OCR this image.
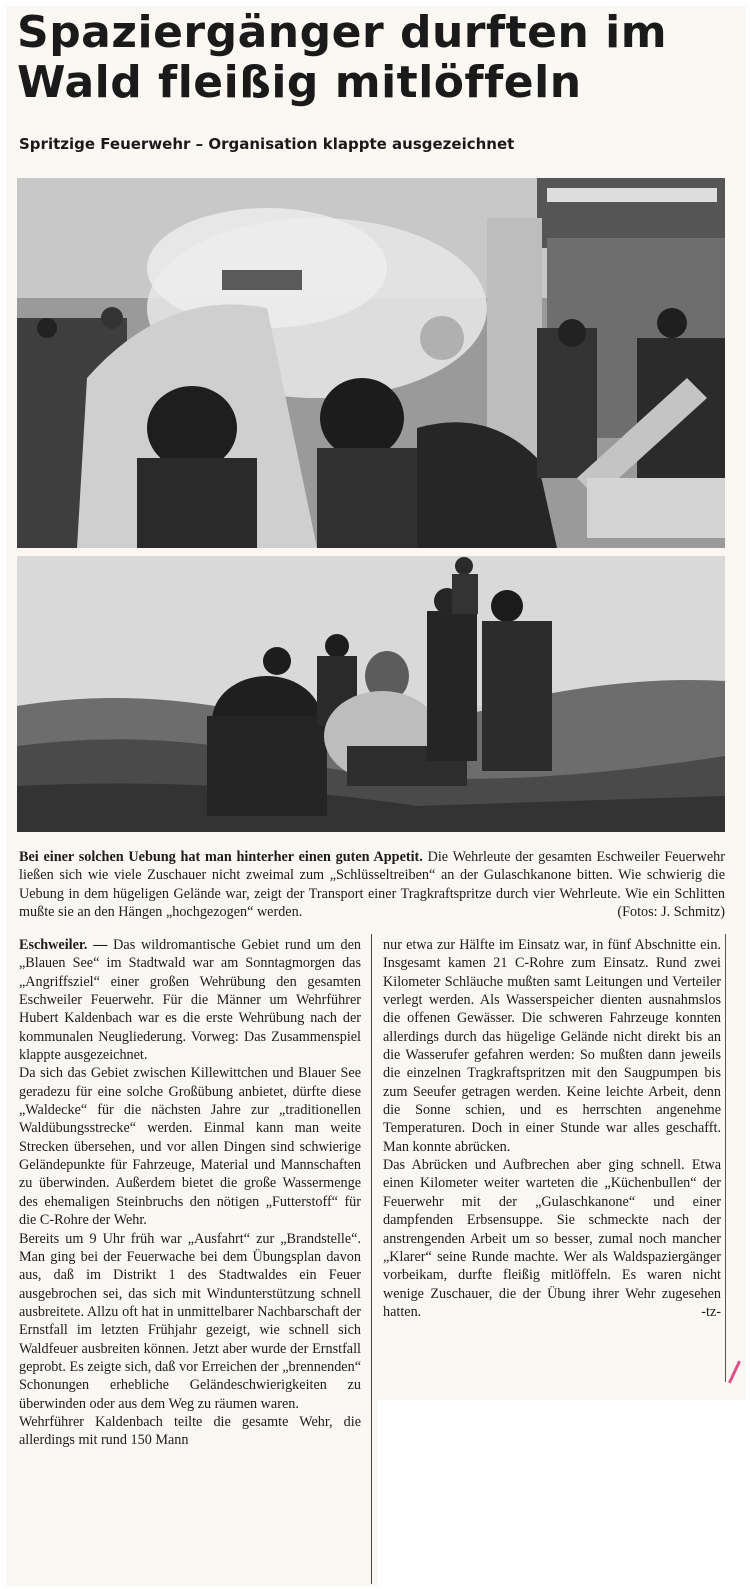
Spaziergänger durften im Wald fleißig mitlöffeln
Spritzige Feuerwehr – Organisation klappte ausgezeichnet

Bei einer solchen Uebung hat man hinterher einen guten Appetit. Die Wehrleute der gesamten Eschweiler Feuerwehr ließen sich wie viele Zuschauer nicht zweimal zum „Schlüsseltreiben“ an der Gulaschkanone bitten. Wie schwierig die Uebung in dem hügeligen Gelände war, zeigt der Transport einer Tragkraftspritze durch vier Wehrleute. Wie ein Schlitten mußte sie an den Hängen „hochgezogen“ werden.	(Fotos: J. Schmitz)

Eschweiler. — Das wildromantische Gebiet rund um den „Blauen See“ im Stadtwald war am Sonntagmorgen das „Angriffsziel“ einer großen Wehrübung den gesamten Eschweiler Feuerwehr. Für die Männer um Wehrführer Hubert Kaldenbach war es die erste Wehrübung nach der kommunalen Neugliederung. Vorweg: Das Zusammenspiel klappte ausgezeichnet.

Da sich das Gebiet zwischen Killewittchen und Blauer See geradezu für eine solche Großübung anbietet, dürfte diese „Waldecke“ für die nächsten Jahre zur „traditionellen Waldübungsstrecke“ werden. Einmal kann man weite Strecken übersehen, und vor allen Dingen sind schwierige Geländepunkte für Fahrzeuge, Material und Mannschaften zu überwinden. Außerdem bietet die große Wassermenge des ehemaligen Steinbruchs den nötigen „Futterstoff“ für die C-Rohre der Wehr.

Bereits um 9 Uhr früh war „Ausfahrt“ zur „Brandstelle“. Man ging bei der Feuerwache bei dem Übungsplan davon aus, daß im Distrikt 1 des Stadtwaldes ein Feuer ausgebrochen sei, das sich mit Windunterstützung schnell ausbreitete. Allzu oft hat in unmittelbarer Nachbarschaft der Ernstfall im letzten Frühjahr gezeigt, wie schnell sich Waldfeuer ausbreiten können. Jetzt aber wurde der Ernstfall geprobt. Es zeigte sich, daß vor Erreichen der „brennenden“ Schonungen erhebliche Geländeschwierigkeiten zu überwinden oder aus dem Weg zu räumen waren.

Wehrführer Kaldenbach teilte die gesamte Wehr, die allerdings mit rund 150 Mann

nur etwa zur Hälfte im Einsatz war, in fünf Abschnitte ein. Insgesamt kamen 21 C-Rohre zum Einsatz. Rund zwei Kilometer Schläuche mußten samt Leitungen und Verteiler verlegt werden. Als Wasserspeicher dienten ausnahmslos die offenen Gewässer. Die schweren Fahrzeuge konnten allerdings durch das hügelige Gelände nicht direkt bis an die Wasserufer gefahren werden: So mußten dann jeweils die einzelnen Tragkraftspritzen mit den Saugpumpen bis zum Seeufer getragen werden. Keine leichte Arbeit, denn die Sonne schien, und es herrschten angenehme Temperaturen. Doch in einer Stunde war alles geschafft. Man konnte abrücken.

Das Abrücken und Aufbrechen aber ging schnell. Etwa einen Kilometer weiter warteten die „Küchenbullen“ der Feuerwehr mit der „Gulaschkanone“ und einer dampfenden Erbsensuppe. Sie schmeckte nach der anstrengenden Arbeit um so besser, zumal noch mancher „Klarer“ seine Runde machte. Wer als Waldspaziergänger vorbeikam, durfte fleißig mitlöffeln. Es waren nicht wenige Zuschauer, die der Übung ihrer Wehr zugesehen hatten.	-tz-
